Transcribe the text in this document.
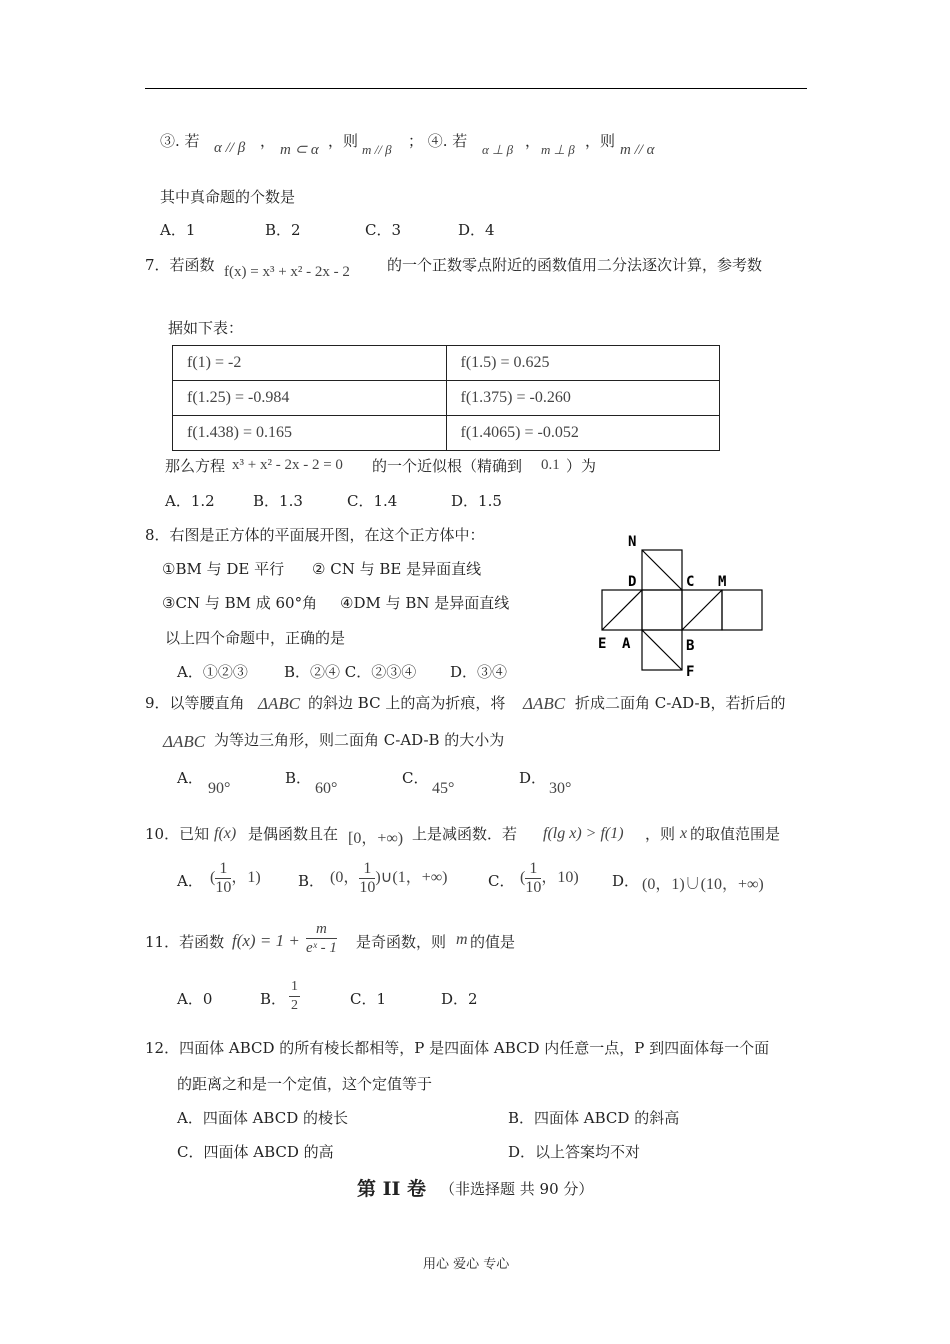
③. 若 α // β ， m ⊂ α ，则 m // β ； ④. 若 α ⊥ β ， m ⊥ β ，则 m // α
其中真命题的个数是
A．1	B．2	C．3	D．4
7．若函数 f(x) = x³ + x² - 2x - 2 的一个正数零点附近的函数值用二分法逐次计算，参考数
据如下表：
f(1) = -2	f(1.5) = 0.625
f(1.25) = -0.984	f(1.375) = -0.260
f(1.438) = 0.165	f(1.4065) = -0.052
那么方程 x³ + x² - 2x - 2 = 0 的一个近似根（精确到 0.1 ）为
A．1.2	B．1.3	C．1.4	D．1.5
8．右图是正方体的平面展开图，在这个正方体中：
①BM 与 DE 平行 ② CN 与 BE 是异面直线
③CN 与 BM 成 60°角 ④DM 与 BN 是异面直线
以上四个命题中，正确的是
A．①②③ B．②④ C．②③④ D．③④
N
D	C M
E A	B
F
9．以等腰直角 ΔABC 的斜边 BC 上的高为折痕，将 ΔABC 折成二面角 C-AD-B，若折后的
ΔABC 为等边三角形，则二面角 C-AD-B 的大小为
A．
90°
B．
60°
C．
45°
D．
30°
10．已知 f(x) 是偶函数且在 [0，+∞) 上是减函数．若 f(lg x) > f(1) ，则 x 的取值范围是
A． ( $\frac{1}{10}$ ，1) B． (0， $\frac{1}{10}$ )∪(1，+∞)	C． ( $\frac{1}{10}$ ，10) D． (0，1)∪(10，+∞)
11．若函数 $f(x) = 1 + \frac{m}{\text{eˣ - 1}}$ 是奇函数，则 m 的值是
A．0	B． $\frac{1}{2}$	C．1	D．2
12．四面体 ABCD 的所有棱长都相等，P 是四面体 ABCD 内任意一点，P 到四面体每一个面
的距离之和是一个定值，这个定值等于
A．四面体 ABCD 的棱长	B．四面体 ABCD 的斜高
C．四面体 ABCD 的高	D．以上答案均不对
第 II 卷 （非选择题 共 90 分）
用心 爱心 专心
